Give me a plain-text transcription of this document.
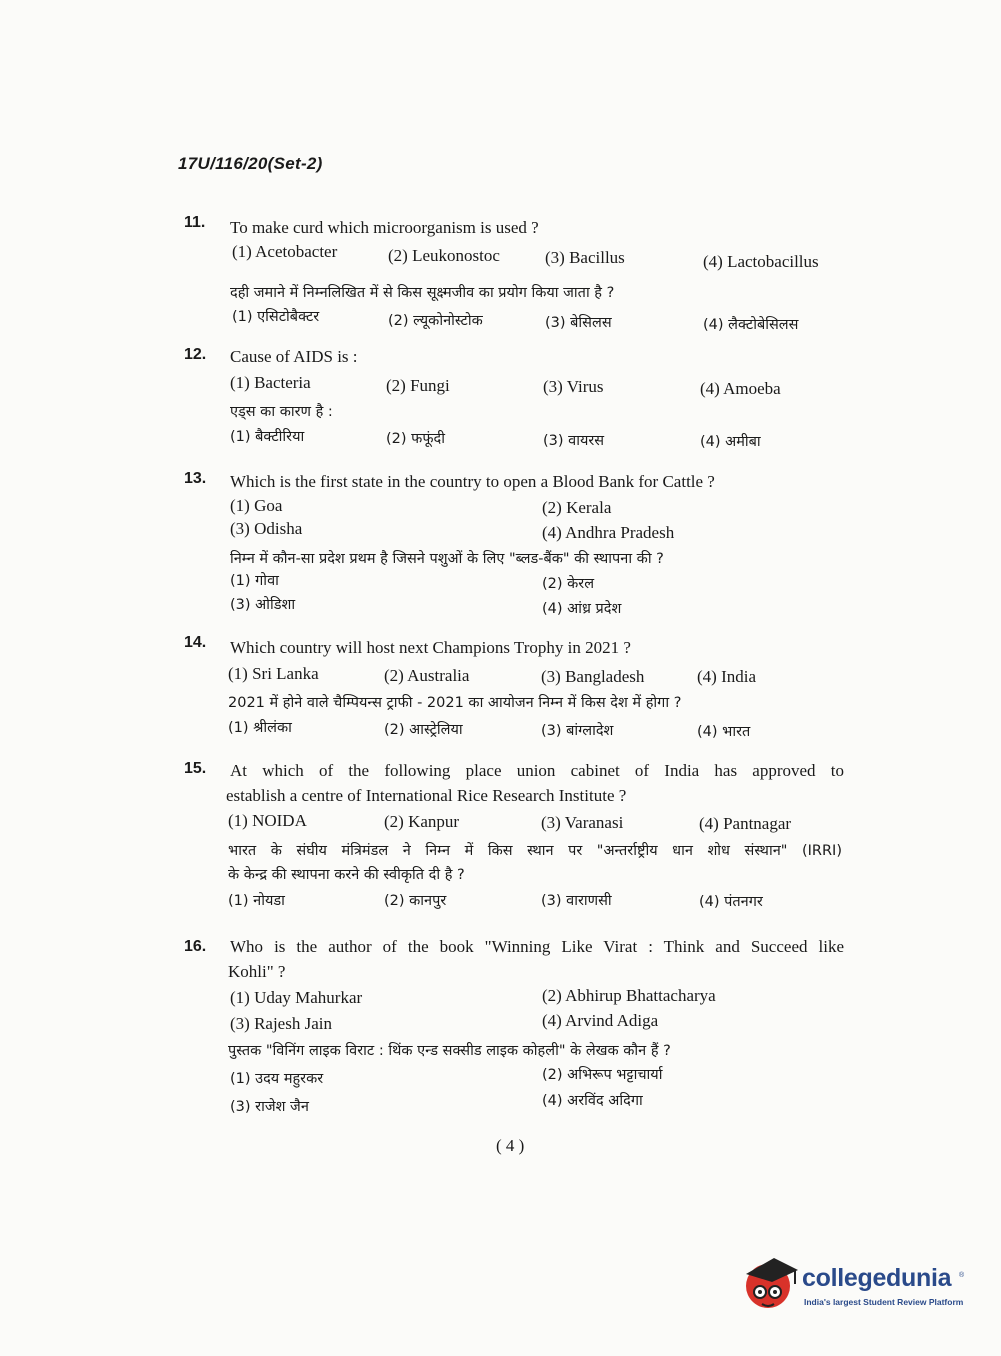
17U/116/20(Set-2)
11. To make curd which microorganism is used ?
(1) Acetobacter	(2) Leukonostoc	(3) Bacillus	(4) Lactobacillus
दही जमाने में निम्नलिखित में से किस सूक्ष्मजीव का प्रयोग किया जाता है ?
(1) एसिटोबैक्टर	(2) ल्यूकोनोस्टोक	(3) बेसिलस	(4) लैक्टोबेसिलस
12. Cause of AIDS is :
(1) Bacteria	(2) Fungi	(3) Virus	(4) Amoeba
एड्स का कारण है :
(1) बैक्टीरिया	(2) फफूंदी	(3) वायरस	(4) अमीबा
13. Which is the first state in the country to open a Blood Bank for Cattle ?
(1) Goa	(2) Kerala
(3) Odisha	(4) Andhra Pradesh
निम्न में कौन-सा प्रदेश प्रथम है जिसने पशुओं के लिए "ब्लड-बैंक" की स्थापना की ?
(1) गोवा	(2) केरल
(3) ओडिशा	(4) आंध्र प्रदेश
14. Which country will host next Champions Trophy in 2021 ?
(1) Sri Lanka	(2) Australia	(3) Bangladesh	(4) India
2021 में होने वाले चैम्पियन्स ट्राफी - 2021 का आयोजन निम्न में किस देश में होगा ?
(1) श्रीलंका	(2) आस्ट्रेलिया	(3) बांग्लादेश	(4) भारत
15. At which of the following place union cabinet of India has approved to
establish a centre of International Rice Research Institute ?
(1) NOIDA	(2) Kanpur	(3) Varanasi	(4) Pantnagar
भारत के संघीय मंत्रिमंडल ने निम्न में किस स्थान पर "अन्तर्राष्ट्रीय धान शोध संस्थान" (IRRI)
के केन्द्र की स्थापना करने की स्वीकृति दी है ?
(1) नोयडा	(2) कानपुर	(3) वाराणसी	(4) पंतनगर
16. Who is the author of the book "Winning Like Virat : Think and Succeed like
Kohli" ?
(1) Uday Mahurkar	(2) Abhirup Bhattacharya
(3) Rajesh Jain	(4) Arvind Adiga
पुस्तक "विनिंग लाइक विराट : थिंक एन्ड सक्सीड लाइक कोहली" के लेखक कौन हैं ?
(1) उदय महुरकर	(2) अभिरूप भट्टाचार्या
(3) राजेश जैन	(4) अरविंद अदिगा
( 4 )
collegedunia ®
India's largest Student Review Platform
